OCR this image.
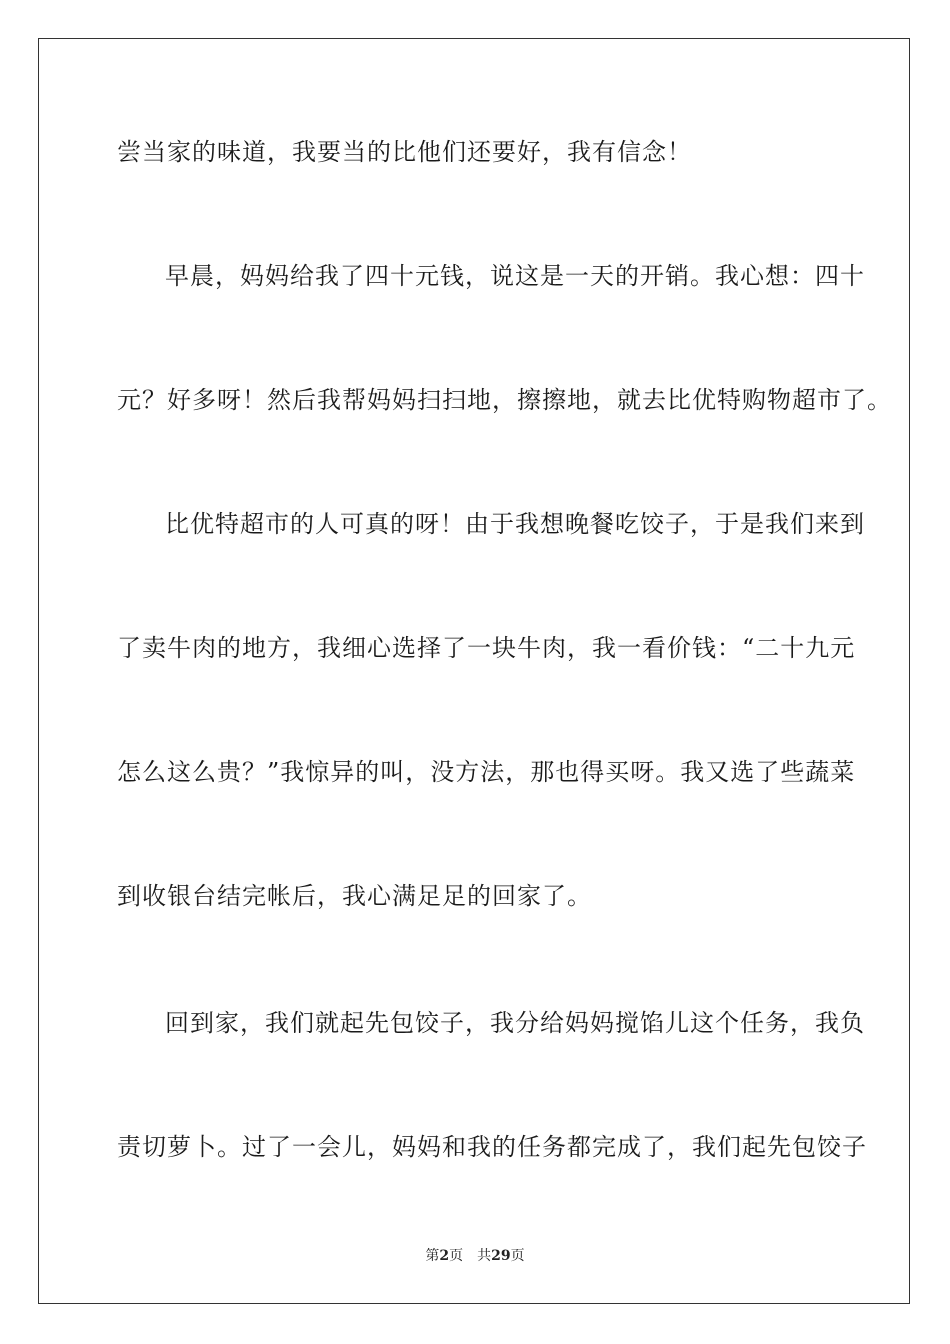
尝当家的味道，我要当的比他们还要好，我有信念！
早晨，妈妈给我了四十元钱，说这是一天的开销。我心想：四十
元？好多呀！然后我帮妈妈扫扫地，擦擦地，就去比优特购物超市了。
比优特超市的人可真的呀！由于我想晚餐吃饺子，于是我们来到
了卖牛肉的地方，我细心选择了一块牛肉，我一看价钱：“二十九元
怎么这么贵？”我惊异的叫，没方法，那也得买呀。我又选了些蔬菜
到收银台结完帐后，我心满足足的回家了。
回到家，我们就起先包饺子，我分给妈妈搅馅儿这个任务，我负
责切萝卜。过了一会儿，妈妈和我的任务都完成了，我们起先包饺子
第2页 共29页
